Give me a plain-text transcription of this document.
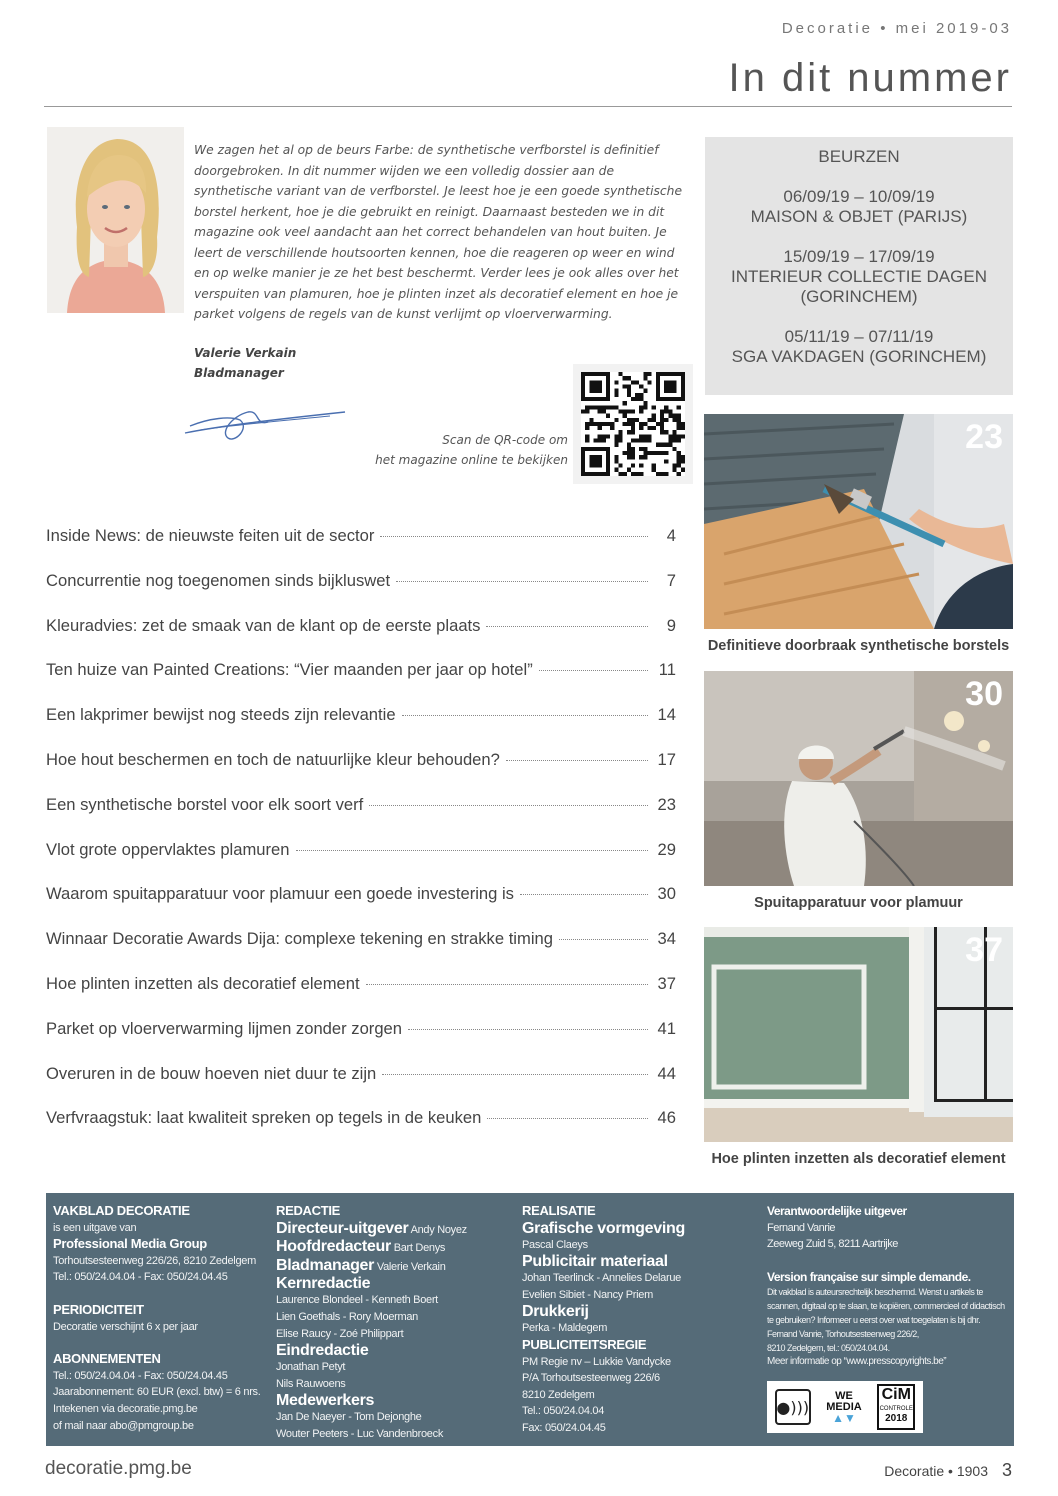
Decoratie • mei 2019-03
In dit nummer
We zagen het al op de beurs Farbe: de synthetische verfborstel is definitief doorgebroken. In dit nummer wijden we een volledig dossier aan de synthetische variant van de verfborstel. Je leest hoe je een goede synthetische borstel herkent, hoe je die gebruikt en reinigt. Daarnaast besteden we in dit magazine ook veel aandacht aan het correct behandelen van hout buiten. Je leert de verschillende houtsoorten kennen, hoe die reageren op weer en wind en op welke manier je ze het best beschermt. Verder lees je ook alles over het verspuiten van plamuren, hoe je plinten inzet als decoratief element en hoe je parket volgens de regels van de kunst verlijmt op vloerverwarming.
Valerie Verkain
Bladmanager
Scan de QR-code om
het magazine online te bekijken
BEURZEN
06/09/19 – 10/09/19
MAISON & OBJET (PARIJS)
15/09/19 – 17/09/19
INTERIEUR COLLECTIE DAGEN (GORINCHEM)
05/11/19 – 07/11/19
SGA VAKDAGEN (GORINCHEM)
Inside News: de nieuwste feiten uit de sector	4
Concurrentie nog toegenomen sinds bijkluswet	7
Kleuradvies: zet de smaak van de klant op de eerste plaats	9
Ten huize van Painted Creations: “Vier maanden per jaar op hotel”	11
Een lakprimer bewijst nog steeds zijn relevantie	14
Hoe hout beschermen en toch de natuurlijke kleur behouden?	17
Een synthetische borstel voor elk soort verf	23
Vlot grote oppervlaktes plamuren	29
Waarom spuitapparatuur voor plamuur een goede investering is	30
Winnaar Decoratie Awards Dija: complexe tekening en strakke timing	34
Hoe plinten inzetten als decoratief element	37
Parket op vloerverwarming lijmen zonder zorgen	41
Overuren in de bouw hoeven niet duur te zijn	44
Verfvraagstuk: laat kwaliteit spreken op tegels in de keuken	46
23
Definitieve doorbraak synthetische borstels
30
Spuitapparatuur voor plamuur
37
Hoe plinten inzetten als decoratief element
VAKBLAD DECORATIE
is een uitgave van
Professional Media Group
Torhoutsesteenweg 226/26, 8210 Zedelgem
Tel.: 050/24.04.04 - Fax: 050/24.04.45
PERIODICITEIT
Decoratie verschijnt 6 x per jaar
ABONNEMENTEN
Tel.: 050/24.04.04 - Fax: 050/24.04.45
Jaarabonnement: 60 EUR (excl. btw) = 6 nrs.
Intekenen via decoratie.pmg.be
of mail naar abo@pmgroup.be
REDACTIE
Directeur-uitgever Andy Noyez
Hoofdredacteur Bart Denys
Bladmanager Valerie Verkain
Kernredactie
Laurence Blondeel - Kenneth Boert
Lien Goethals - Rory Moerman
Elise Raucy - Zoé Philippart
Eindredactie
Jonathan Petyt
Nils Rauwoens
Medewerkers
Jan De Naeyer - Tom Dejonghe
Wouter Peeters - Luc Vandenbroeck
REALISATIE
Grafische vormgeving
Pascal Claeys
Publicitair materiaal
Johan Teerlinck - Annelies Delarue
Evelien Sibiet - Nancy Priem
Drukkerij
Perka - Maldegem
PUBLICITEITSREGIE
PM Regie nv – Lukkie Vandycke
P/A Torhoutsesteenweg 226/6
8210 Zedelgem
Tel.: 050/24.04.04
Fax: 050/24.04.45
Verantwoordelijke uitgever
Fernand Vanrie
Zeeweg Zuid 5, 8211 Aartrijke
Version française sur simple demande.
Dit vakblad is auteursrechtelijk beschermd. Wenst u artikels te
scannen, digitaal op te slaan, te kopiëren, commercieel of didactisch
te gebruiken? Informeer u eerst over wat toegelaten is bij dhr.
Fernand Vanrie, Torhoutsesteenweg 226/2,
8210 Zedelgem, tel.: 050/24.04.04.
Meer informatie op “www.presscopyrights.be”
●)))
WE
MEDIA
▲▼
CiM
CONTROLE
2018
decoratie.pmg.be	Decoratie • 1903 3
